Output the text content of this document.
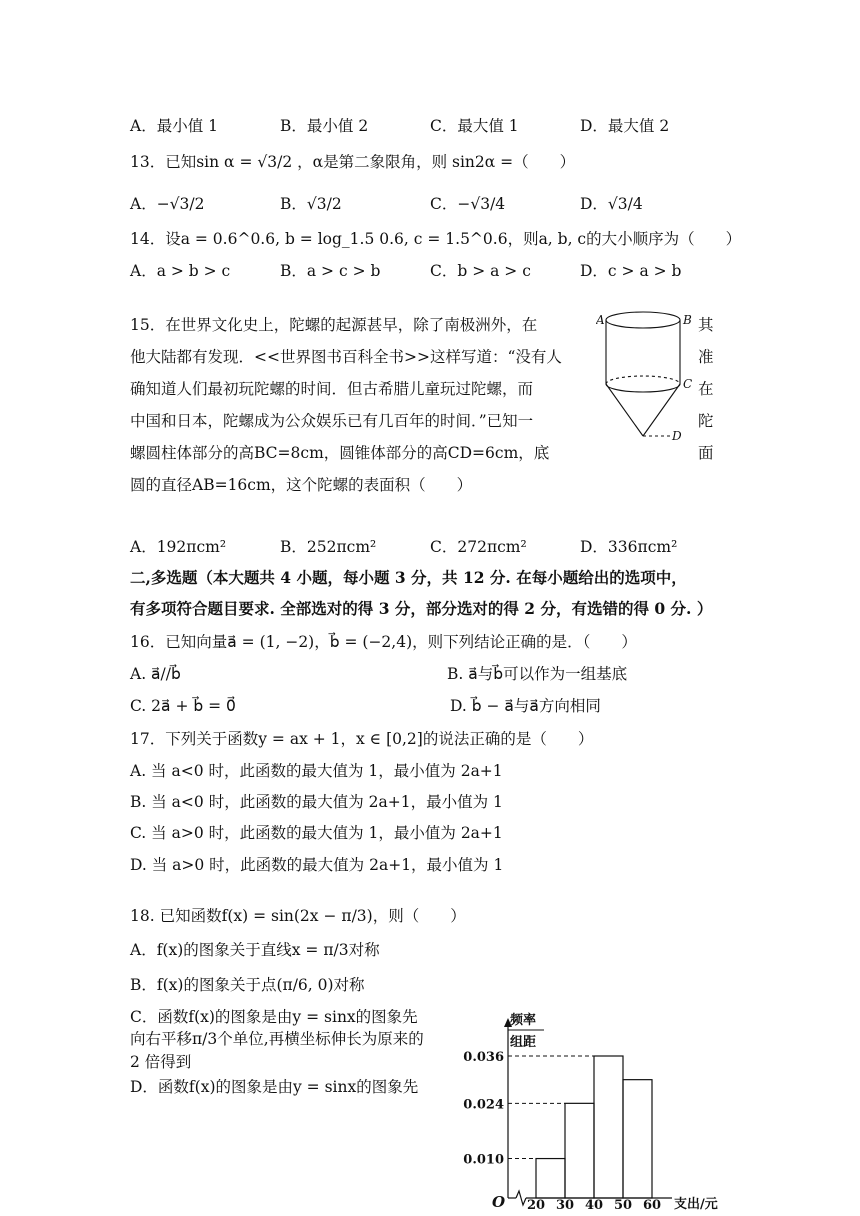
A．最小值 1	B．最小值 2	C．最大值 1	D．最大值 2
13．已知sin α = √3/2 ，α是第二象限角，则 sin2α =（　　）
A．−√3/2	B．√3/2	C．−√3/4	D．√3/4
14．设a = 0.6^0.6, b = log_1.5 0.6, c = 1.5^0.6，则a, b, c的大小顺序为（　　）
A．a > b > c	B．a > c > b	C．b > a > c	D．c > a > b
15．在世界文化史上，陀螺的起源甚早，除了南极洲外，在
他大陆都有发现．<<世界图书百科全书>>这样写道：“没有人
确知道人们最初玩陀螺的时间．但古希腊儿童玩过陀螺，而
中国和日本，陀螺成为公众娱乐已有几百年的时间．”已知一
螺圆柱体部分的高BC=8cm，圆锥体部分的高CD=6cm，底
圆的直径AB=16cm，这个陀螺的表面积（　　）
其
准
在
陀
面
A	B
C
D
A．192πcm²	B．252πcm²	C．272πcm²	D．336πcm²
二,多选题（本大题共 4 小题，每小题 3 分，共 12 分. 在每小题给出的选项中，
有多项符合题目要求. 全部选对的得 3 分，部分选对的得 2 分，有选错的得 0 分. ）
16．已知向量a⃗ = (1, −2)，b⃗ = (−2,4)，则下列结论正确的是．（　　）
A. a⃗//b⃗	B. a⃗与b⃗可以作为一组基底
C. 2a⃗ + b⃗ = 0⃗	D. b⃗ − a⃗与a⃗方向相同
17．下列关于函数y = ax + 1，x ∈ [0,2]的说法正确的是（　　）
A. 当 a<0 时，此函数的最大值为 1，最小值为 2a+1
B. 当 a<0 时，此函数的最大值为 2a+1，最小值为 1
C. 当 a>0 时，此函数的最大值为 1，最小值为 2a+1
D. 当 a>0 时，此函数的最大值为 2a+1，最小值为 1
18. 已知函数f(x) = sin(2x − π/3)，则（　　）
A．f(x)的图象关于直线x = π/3对称
B．f(x)的图象关于点(π/6, 0)对称
C．函数f(x)的图象是由y = sinx的图象先
向右平移π/3个单位,再横坐标伸长为原来的
2 倍得到
D．函数f(x)的图象是由y = sinx的图象先
频率
组距
O	支出/元
0.010
0.024
0.036
20 30 40 50 60
